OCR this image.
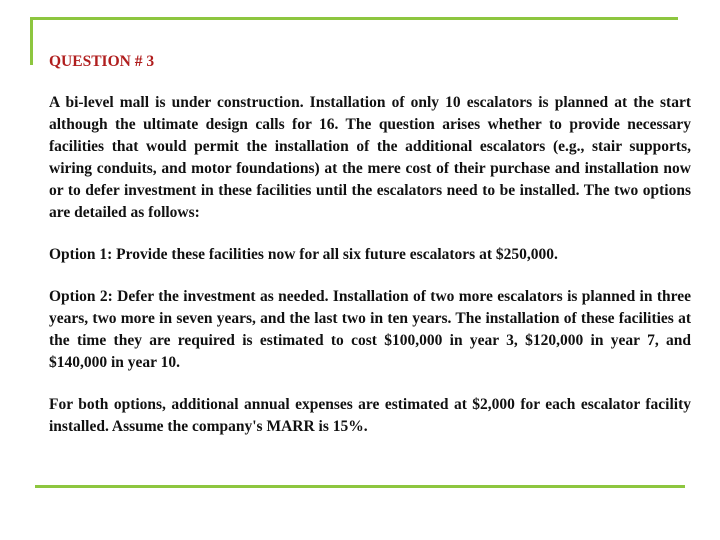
QUESTION # 3

A bi-level mall is under construction. Installation of only 10 escalators is planned at the start although the ultimate design calls for 16. The question arises whether to provide necessary facilities that would permit the installation of the additional escalators (e.g., stair supports, wiring conduits, and motor foundations) at the mere cost of their purchase and installation now or to defer investment in these facilities until the escalators need to be installed. The two options are detailed as follows:

Option 1: Provide these facilities now for all six future escalators at $250,000.

Option 2: Defer the investment as needed. Installation of two more escalators is planned in three years, two more in seven years, and the last two in ten years. The installation of these facilities at the time they are required is estimated to cost $100,000 in year 3, $120,000 in year 7, and $140,000 in year 10.

For both options, additional annual expenses are estimated at $2,000 for each escalator facility installed. Assume the company's MARR is 15%.
